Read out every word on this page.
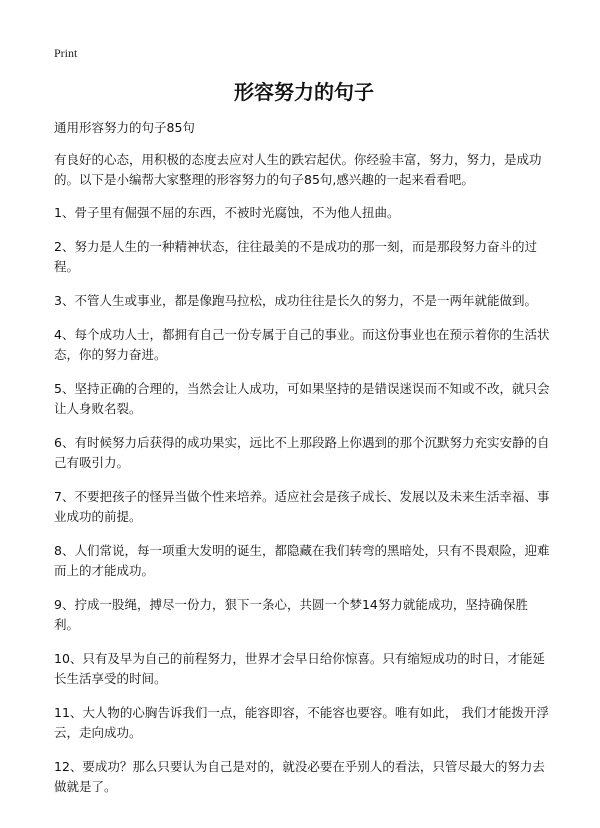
Print
形容努力的句子

通用形容努力的句子85句

有良好的心态，用积极的态度去应对人生的跌宕起伏。你经验丰富，努力，努力，是成功的。以下是小编帮大家整理的形容努力的句子85句,感兴趣的一起来看看吧。

1、骨子里有倔强不屈的东西，不被时光腐蚀，不为他人扭曲。

2、努力是人生的一种精神状态，往往最美的不是成功的那一刻，而是那段努力奋斗的过程。

3、不管人生或事业，都是像跑马拉松，成功往往是长久的努力，不是一两年就能做到。

4、每个成功人士，都拥有自己一份专属于自己的事业。而这份事业也在预示着你的生活状态，你的努力奋进。

5、坚持正确的合理的，当然会让人成功，可如果坚持的是错误迷误而不知或不改，就只会让人身败名裂。

6、有时候努力后获得的成功果实，远比不上那段路上你遇到的那个沉默努力充实安静的自己有吸引力。

7、不要把孩子的怪异当做个性来培养。适应社会是孩子成长、发展以及未来生活幸福、事业成功的前提。

8、人们常说，每一项重大发明的诞生，都隐藏在我们转弯的黑暗处，只有不畏艰险，迎难而上的才能成功。

9、拧成一股绳，搏尽一份力，狠下一条心，共圆一个梦14努力就能成功，坚持确保胜利。

10、只有及早为自己的前程努力，世界才会早日给你惊喜。只有缩短成功的时日，才能延长生活享受的时间。

11、大人物的心胸告诉我们一点，能容即容，不能容也要容。唯有如此， 我们才能拨开浮云，走向成功。

12、要成功？那么只要认为自己是对的，就没必要在乎别人的看法，只管尽最大的努力去做就是了。
